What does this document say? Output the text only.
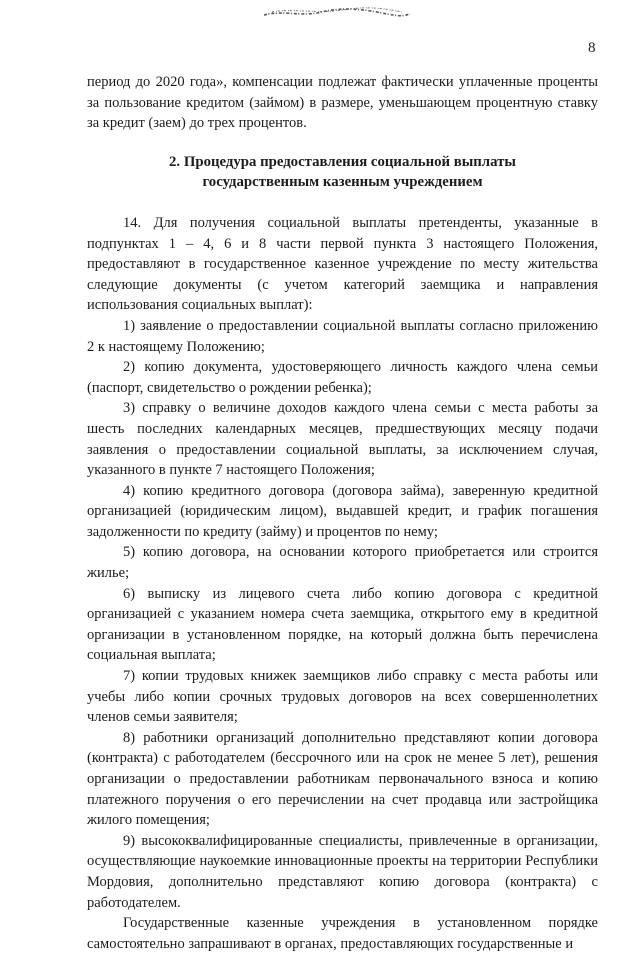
8

период до 2020 года», компенсации подлежат фактически уплаченные проценты за пользование кредитом (займом) в размере, уменьшающем процентную ставку за кредит (заем) до трех процентов.

2. Процедура предоставления социальной выплаты
государственным казенным учреждением

14. Для получения социальной выплаты претенденты, указанные в подпунктах 1 – 4, 6 и 8 части первой пункта 3 настоящего Положения, предоставляют в государственное казенное учреждение по месту жительства следующие документы (с учетом категорий заемщика и направления использования социальных выплат):

1) заявление о предоставлении социальной выплаты согласно приложению 2 к настоящему Положению;

2) копию документа, удостоверяющего личность каждого члена семьи (паспорт, свидетельство о рождении ребенка);

3) справку о величине доходов каждого члена семьи с места работы за шесть последних календарных месяцев, предшествующих месяцу подачи заявления о предоставлении социальной выплаты, за исключением случая, указанного в пункте 7 настоящего Положения;

4) копию кредитного договора (договора займа), заверенную кредитной организацией (юридическим лицом), выдавшей кредит, и график погашения задолженности по кредиту (займу) и процентов по нему;

5) копию договора, на основании которого приобретается или строится жилье;

6) выписку из лицевого счета либо копию договора с кредитной организацией с указанием номера счета заемщика, открытого ему в кредитной организации в установленном порядке, на который должна быть перечислена социальная выплата;

7) копии трудовых книжек заемщиков либо справку с места работы или учебы либо копии срочных трудовых договоров на всех совершеннолетних членов семьи заявителя;

8) работники организаций дополнительно представляют копии договора (контракта) с работодателем (бессрочного или на срок не менее 5 лет), решения организации о предоставлении работникам первоначального взноса и копию платежного поручения о его перечислении на счет продавца или застройщика жилого помещения;

9) высококвалифицированные специалисты, привлеченные в организации, осуществляющие наукоемкие инновационные проекты на территории Республики Мордовия, дополнительно представляют копию договора (контракта) с работодателем.

Государственные казенные учреждения в установленном порядке самостоятельно запрашивают в органах, предоставляющих государственные и
